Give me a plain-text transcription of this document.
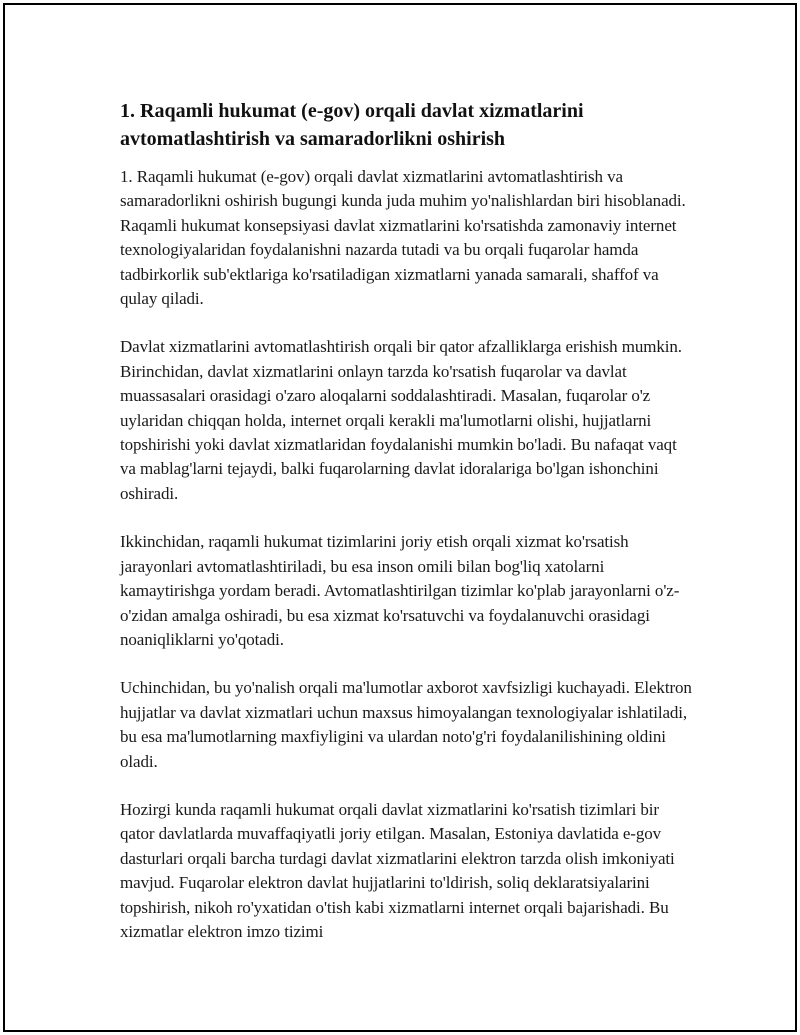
1. Raqamli hukumat (e-gov) orqali davlat xizmatlarini avtomatlashtirish va samaradorlikni oshirish

1. Raqamli hukumat (e-gov) orqali davlat xizmatlarini avtomatlashtirish va samaradorlikni oshirish bugungi kunda juda muhim yo'nalishlardan biri hisoblanadi. Raqamli hukumat konsepsiyasi davlat xizmatlarini ko'rsatishda zamonaviy internet texnologiyalaridan foydalanishni nazarda tutadi va bu orqali fuqarolar hamda tadbirkorlik sub'ektlariga ko'rsatiladigan xizmatlarni yanada samarali, shaffof va qulay qiladi.

Davlat xizmatlarini avtomatlashtirish orqali bir qator afzalliklarga erishish mumkin. Birinchidan, davlat xizmatlarini onlayn tarzda ko'rsatish fuqarolar va davlat muassasalari orasidagi o'zaro aloqalarni soddalashtiradi. Masalan, fuqarolar o'z uylaridan chiqqan holda, internet orqali kerakli ma'lumotlarni olishi, hujjatlarni topshirishi yoki davlat xizmatlaridan foydalanishi mumkin bo'ladi. Bu nafaqat vaqt va mablag'larni tejaydi, balki fuqarolarning davlat idoralariga bo'lgan ishonchini oshiradi.

Ikkinchidan, raqamli hukumat tizimlarini joriy etish orqali xizmat ko'rsatish jarayonlari avtomatlashtiriladi, bu esa inson omili bilan bog'liq xatolarni kamaytirishga yordam beradi. Avtomatlashtirilgan tizimlar ko'plab jarayonlarni o'z-o'zidan amalga oshiradi, bu esa xizmat ko'rsatuvchi va foydalanuvchi orasidagi noaniqliklarni yo'qotadi.

Uchinchidan, bu yo'nalish orqali ma'lumotlar axborot xavfsizligi kuchayadi. Elektron hujjatlar va davlat xizmatlari uchun maxsus himoyalangan texnologiyalar ishlatiladi, bu esa ma'lumotlarning maxfiyligini va ulardan noto'g'ri foydalanilishining oldini oladi.

Hozirgi kunda raqamli hukumat orqali davlat xizmatlarini ko'rsatish tizimlari bir qator davlatlarda muvaffaqiyatli joriy etilgan. Masalan, Estoniya davlatida e-gov dasturlari orqali barcha turdagi davlat xizmatlarini elektron tarzda olish imkoniyati mavjud. Fuqarolar elektron davlat hujjatlarini to'ldirish, soliq deklaratsiyalarini topshirish, nikoh ro'yxatidan o'tish kabi xizmatlarni internet orqali bajarishadi. Bu xizmatlar elektron imzo tizimi
